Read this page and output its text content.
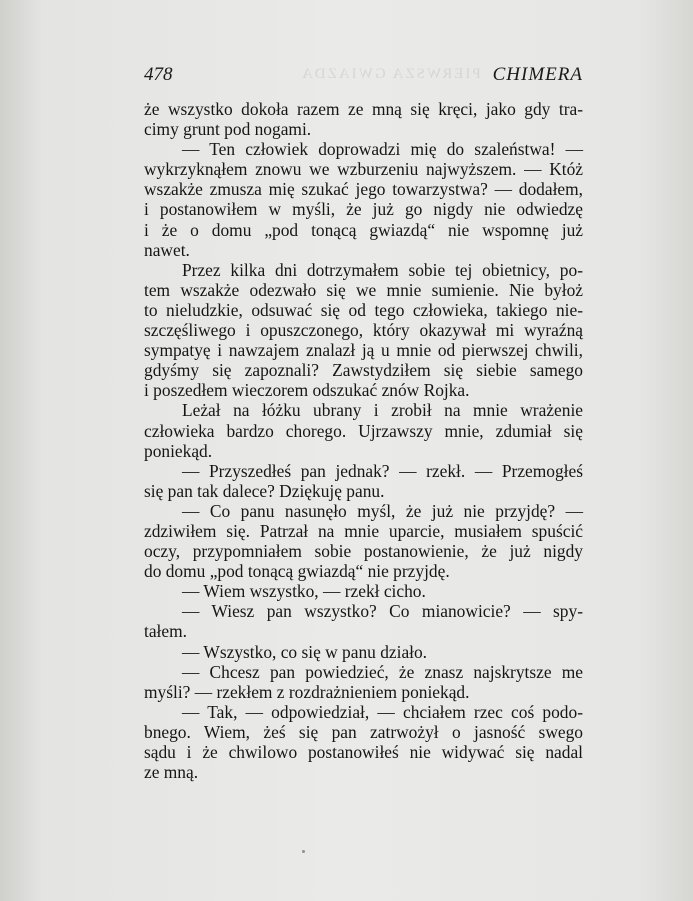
PIERWSZA GWIAZDA
478	CHIMERA
że wszystko dokoła razem ze mną się kręci, jako gdy tra-
cimy grunt pod nogami.
— Ten człowiek doprowadzi mię do szaleństwa! —
wykrzyknąłem znowu we wzburzeniu najwyższem. — Któż
wszakże zmusza mię szukać jego towarzystwa? — dodałem,
i postanowiłem w myśli, że już go nigdy nie odwiedzę
i że o domu „pod tonącą gwiazdą“ nie wspomnę już
nawet.
Przez kilka dni dotrzymałem sobie tej obietnicy, po-
tem wszakże odezwało się we mnie sumienie. Nie byłoż
to nieludzkie, odsuwać się od tego człowieka, takiego nie-
szczęśliwego i opuszczonego, który okazywał mi wyraźną
sympatyę i nawzajem znalazł ją u mnie od pierwszej chwili,
gdyśmy się zapoznali? Zawstydziłem się siebie samego
i poszedłem wieczorem odszukać znów Rojka.
Leżał na łóżku ubrany i zrobił na mnie wrażenie
człowieka bardzo chorego. Ujrzawszy mnie, zdumiał się
poniekąd.
— Przyszedłeś pan jednak? — rzekł. — Przemogłeś
się pan tak dalece? Dziękuję panu.
— Co panu nasunęło myśl, że już nie przyjdę? —
zdziwiłem się. Patrzał na mnie uparcie, musiałem spuścić
oczy, przypomniałem sobie postanowienie, że już nigdy
do domu „pod tonącą gwiazdą“ nie przyjdę.
— Wiem wszystko, — rzekł cicho.
— Wiesz pan wszystko? Co mianowicie? — spy-
tałem.
— Wszystko, co się w panu działo.
— Chcesz pan powiedzieć, że znasz najskrytsze me
myśli? — rzekłem z rozdrażnieniem poniekąd.
— Tak, — odpowiedział, — chciałem rzec coś podo-
bnego. Wiem, żeś się pan zatrwożył o jasność swego
sądu i że chwilowo postanowiłeś nie widywać się nadal
ze mną.
